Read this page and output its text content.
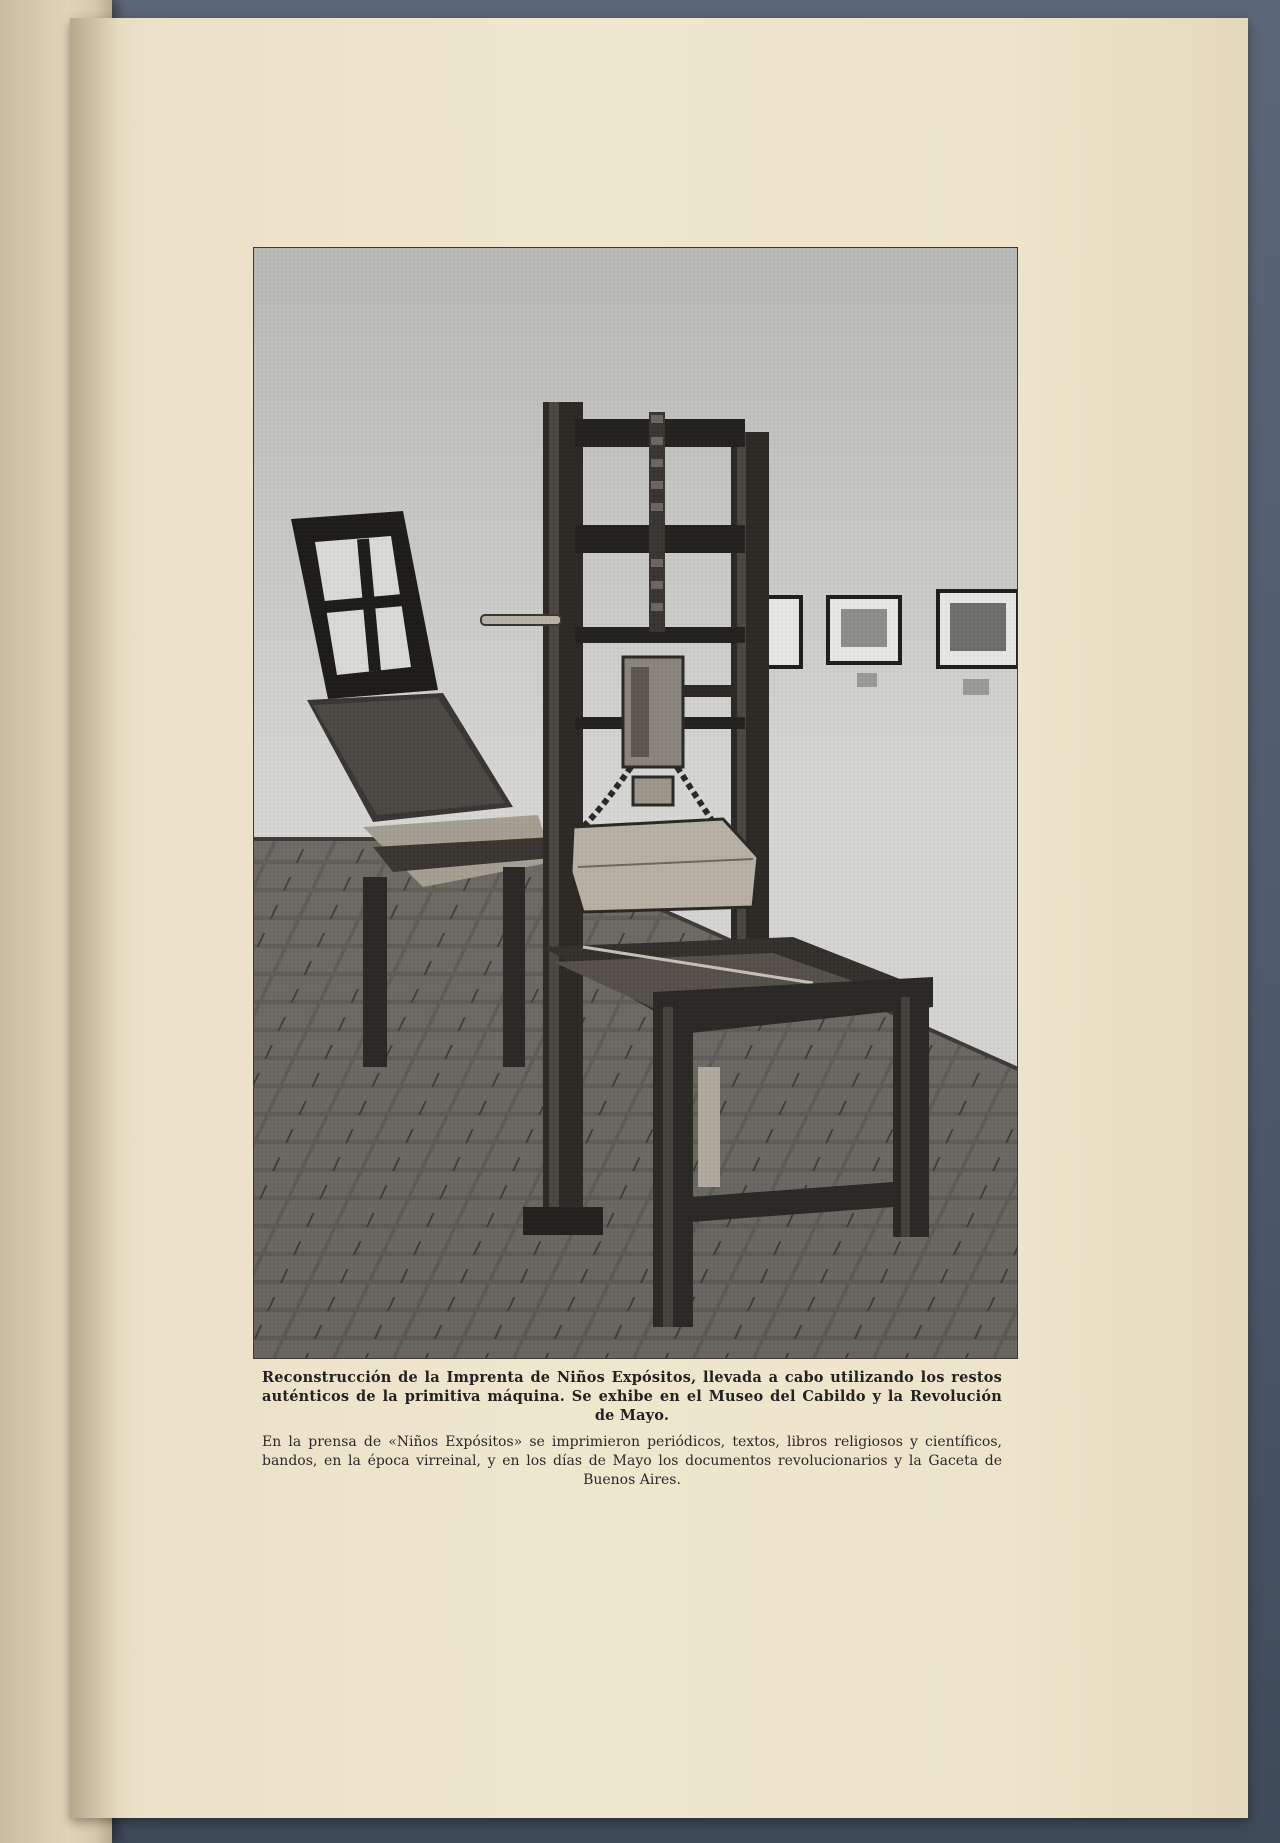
Reconstrucción de la Imprenta de Niños Expósitos, llevada a cabo utilizando los restos auténticos de la primitiva máquina. Se exhibe en el Museo del Cabildo y la Revolución de Mayo.
En la prensa de «Niños Expósitos» se imprimieron periódicos, textos, libros religiosos y científicos, bandos, en la época virreinal, y en los días de Mayo los documentos revolucionarios y la Gaceta de Buenos Aires.
